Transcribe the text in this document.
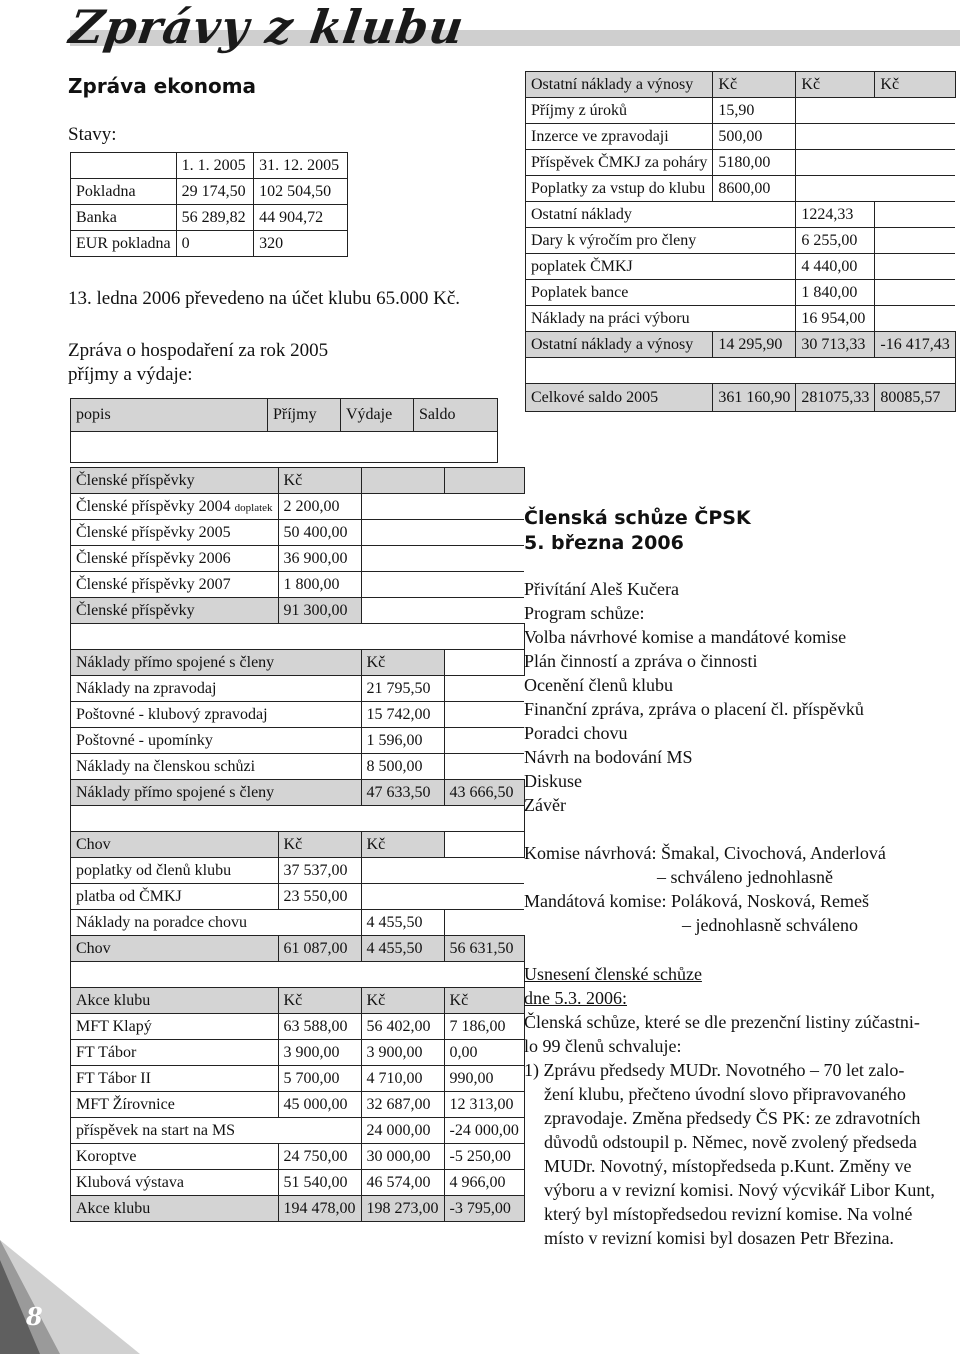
Zprávy z klubu
Zpráva ekonoma
Stavy:
	1. 1. 2005	31. 12. 2005
Pokladna	29 174,50	102 504,50
Banka	56 289,82	44 904,72
EUR pokladna	0	320
13. ledna 2006 převedeno na účet klubu 65.000 Kč.
Zpráva o hospodaření za rok 2005
příjmy a výdaje:
popis	Příjmy	Výdaje	Saldo

Členské příspěvky	Kč		
Členské příspěvky 2004 doplatek	2 200,00		
Členské příspěvky 2005	50 400,00		
Členské příspěvky 2006	36 900,00		
Členské příspěvky 2007	1 800,00		
Členské příspěvky	91 300,00		

Náklady přímo spojené s členy		Kč	
Náklady na zpravodaj		21 795,50	
Poštovné - klubový zpravodaj		15 742,00	
Poštovné - upomínky		1 596,00	
Náklady na členskou schůzi		8 500,00	
Náklady přímo spojené s členy		47 633,50	43 666,50

Chov	Kč	Kč	
poplatky od členů klubu	37 537,00		
platba od ČMKJ	23 550,00		
Náklady na poradce chovu		4 455,50	
Chov	61 087,00	4 455,50	56 631,50

Akce klubu	Kč	Kč	Kč
MFT Klapý	63 588,00	56 402,00	7 186,00
FT Tábor	3 900,00	3 900,00	0,00
FT Tábor II	5 700,00	4 710,00	990,00
MFT Žírovnice	45 000,00	32 687,00	12 313,00
příspěvek na start na MS		24 000,00	-24 000,00
Koroptve	24 750,00	30 000,00	-5 250,00
Klubová výstava	51 540,00	46 574,00	4 966,00
Akce klubu	194 478,00	198 273,00	-3 795,00
Ostatní náklady a výnosy	Kč	Kč	Kč
Příjmy z úroků	15,90		
Inzerce ve zpravodaji	500,00		
Příspěvek ČMKJ za poháry	5180,00		
Poplatky za vstup do klubu	8600,00		
Ostatní náklady		1224,33	
Dary k výročím pro členy		6 255,00	
poplatek ČMKJ		4 440,00	
Poplatek bance		1 840,00	
Náklady na práci výboru		16 954,00	
Ostatní náklady a výnosy	14 295,90	30 713,33	-16 417,43

Celkové saldo 2005	361 160,90	281075,33	80085,57
Členská schůze ČPSK
5. března 2006
Přivítání Aleš Kučera
Program schůze:
Volba návrhové komise a mandátové komise
Plán činností a zpráva o činnosti
Ocenění členů klubu
Finanční zpráva, zpráva o placení čl. příspěvků
Poradci chovu
Návrh na bodování MS
Diskuse
Závěr
Komise návrhová: Šmakal, Civochová, Anderlová
– schváleno jednohlasně
Mandátová komise: Poláková, Nosková, Remeš
– jednohlasně schváleno
Usnesení členské schůze
dne 5.3. 2006:
Členská schůze, které se dle prezenční listiny zúčastni-
lo 99 členů schvaluje:
1) Zprávu předsedy MUDr. Novotného – 70 let zalo-
žení klubu, přečteno úvodní slovo připravovaného
zpravodaje. Změna předsedy ČS PK: ze zdravotních
důvodů odstoupil p. Němec, nově zvolený předseda
MUDr. Novotný, místopředseda p.Kunt. Změny ve
výboru a v revizní komisi. Nový výcvikář Libor Kunt,
který byl místopředsedou revizní komise. Na volné
místo v revizní komisi byl dosazen Petr Březina.
8
